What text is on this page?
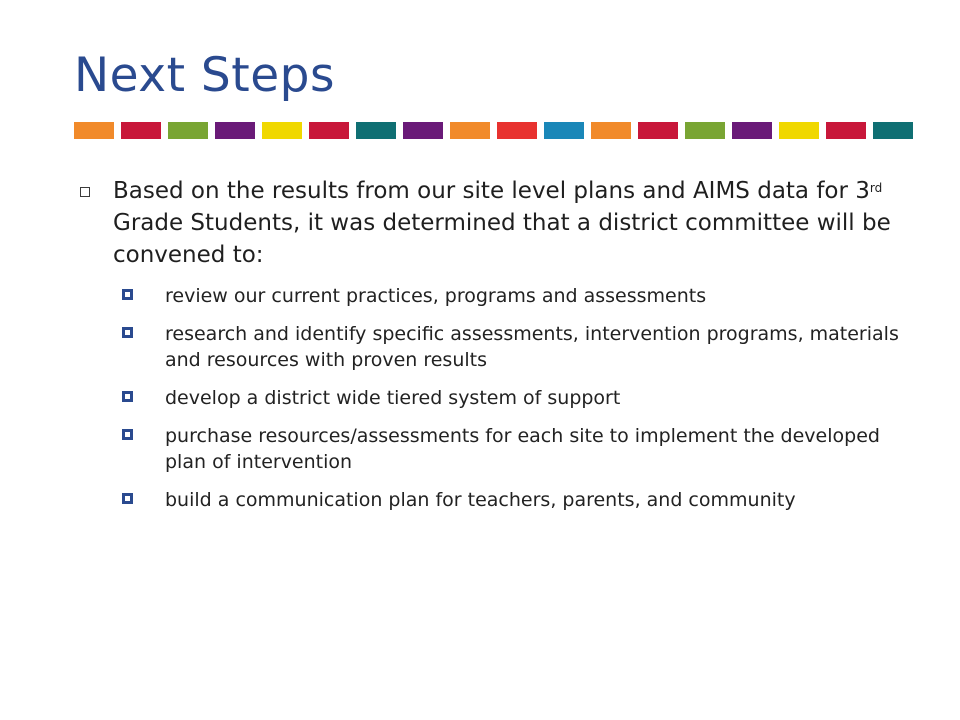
Next Steps
Based on the results from our site level plans and AIMS data for 3rd Grade Students, it was determined that a district committee will be convened to:
review our current practices, programs and assessments
research and identify specific assessments, intervention programs, materials and resources with proven results
develop a district wide tiered system of support
purchase resources/assessments for each site to implement the developed plan of intervention
build a communication plan for teachers, parents, and community
